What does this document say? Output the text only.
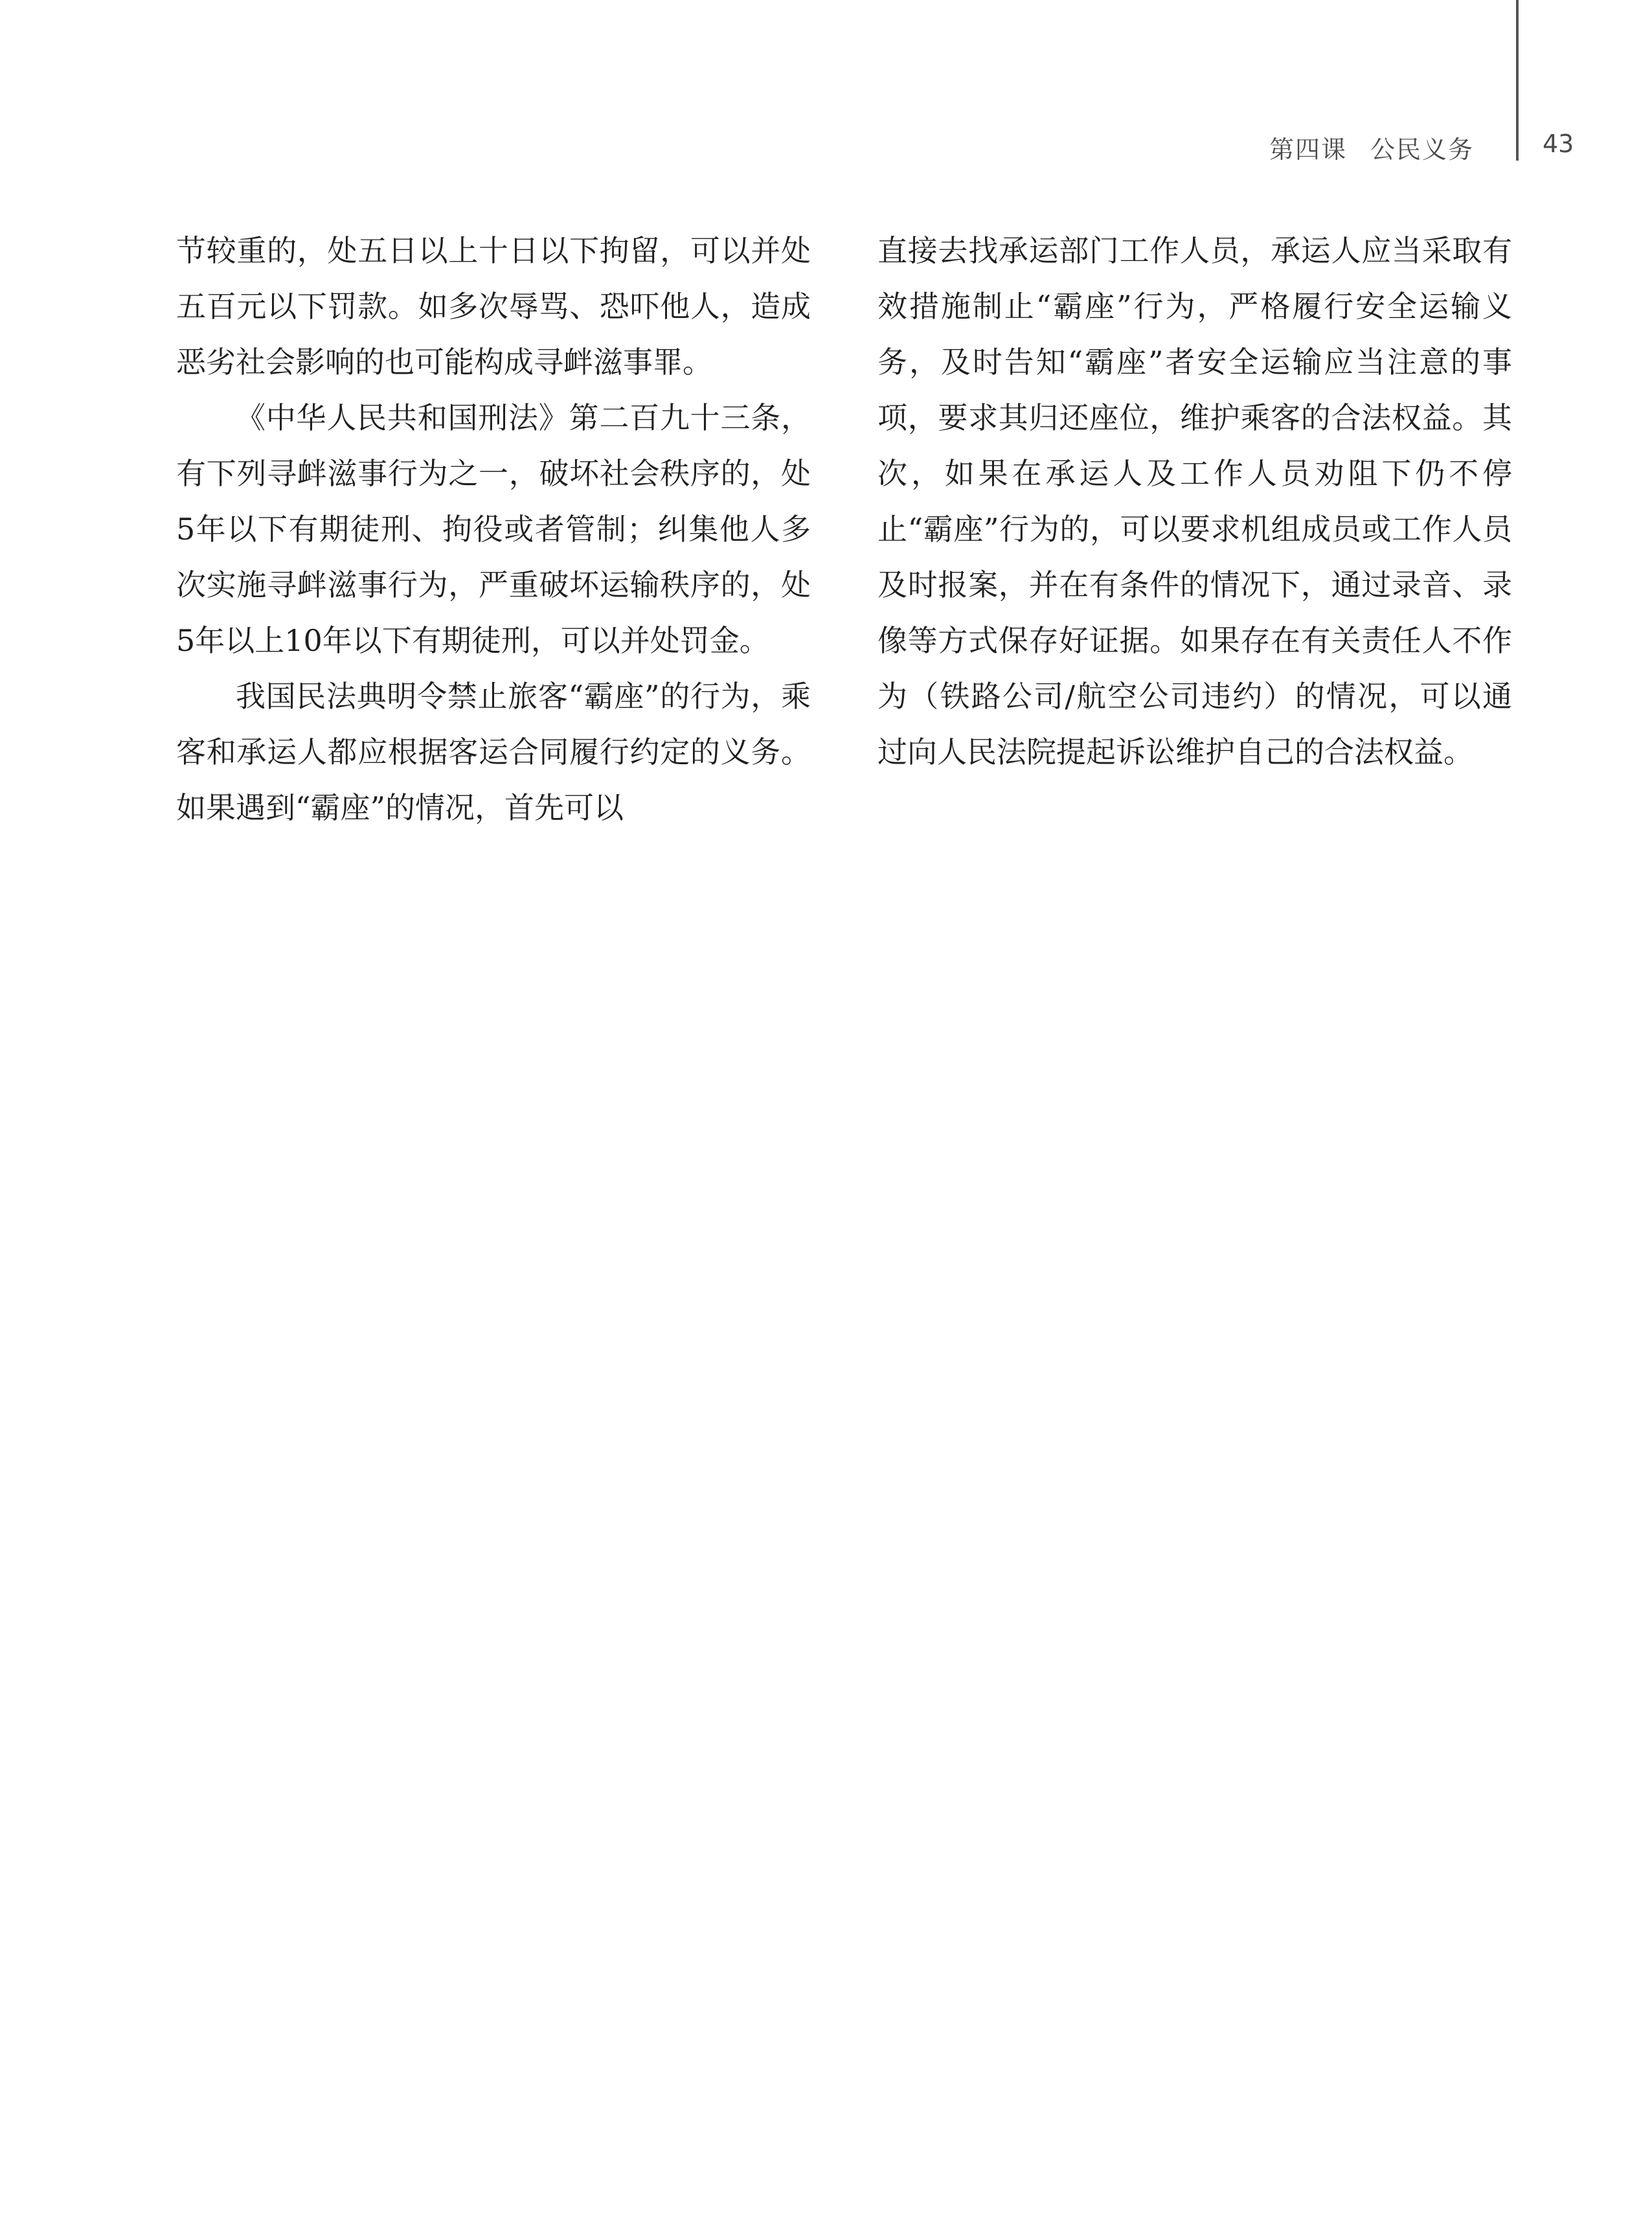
第四课 公民义务	43

节较重的，处五日以上十日以下拘留，可以并处五百元以下罚款。如多次辱骂、恐吓他人，造成恶劣社会影响的也可能构成寻衅滋事罪。

《中华人民共和国刑法》第二百九十三条，有下列寻衅滋事行为之一，破坏社会秩序的，处5年以下有期徒刑、拘役或者管制；纠集他人多次实施寻衅滋事行为，严重破坏运输秩序的，处5年以上10年以下有期徒刑，可以并处罚金。

我国民法典明令禁止旅客“霸座”的行为，乘客和承运人都应根据客运合同履行约定的义务。如果遇到“霸座”的情况，首先可以

直接去找承运部门工作人员，承运人应当采取有效措施制止“霸座”行为，严格履行安全运输义务，及时告知“霸座”者安全运输应当注意的事项，要求其归还座位，维护乘客的合法权益。其次，如果在承运人及工作人员劝阻下仍不停止“霸座”行为的，可以要求机组成员或工作人员及时报案，并在有条件的情况下，通过录音、录像等方式保存好证据。如果存在有关责任人不作为（铁路公司/航空公司违约）的情况，可以通过向人民法院提起诉讼维护自己的合法权益。
